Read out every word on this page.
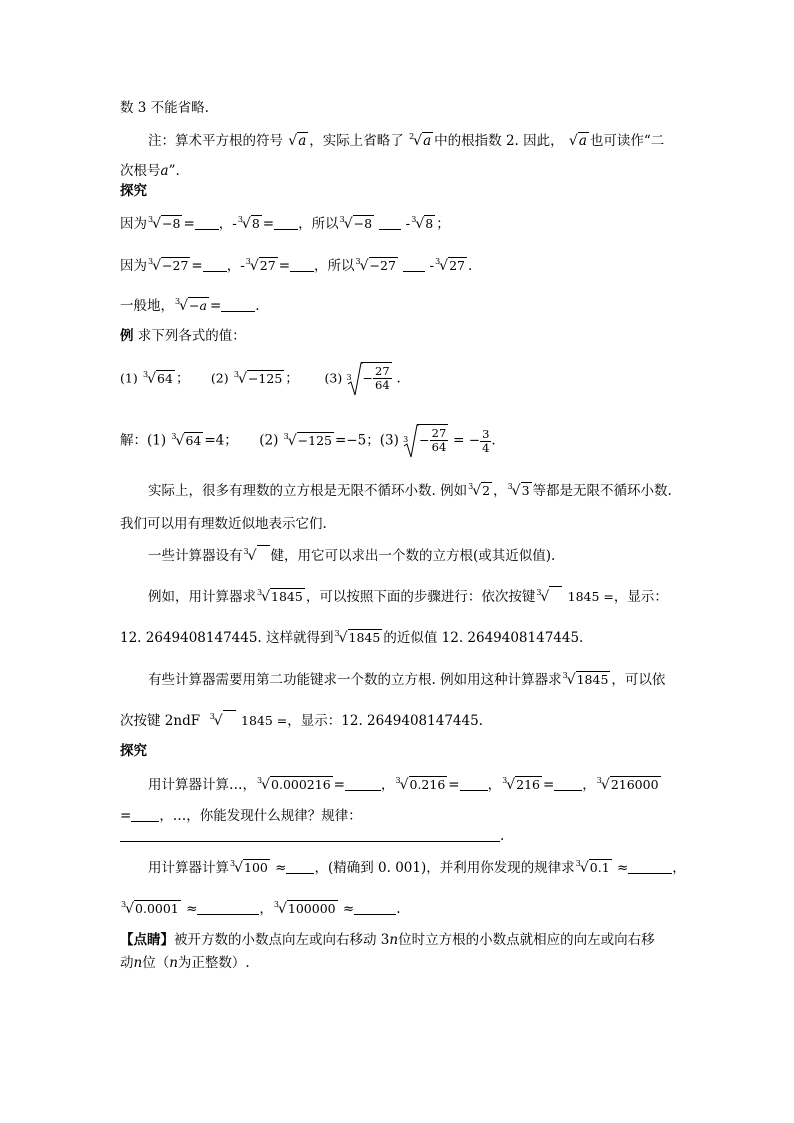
数 3 不能省略.
注：算术平方根的符号 √a ，实际上省略了 $^2$√a 中的根指数 2. 因此， √a 也可读作“二
次根号a”.
探究
因为$^3$√−8 = ，-$^3$√8 = ，所以$^3$√−8  -$^3$√8 ；
因为$^3$√−27 = ，-$^3$√27 = ，所以$^3$√−27  -$^3$√27 .
一般地，$^3$√−a =	.
例 求下列各式的值：
(1) $^3$√64 ； (2) $^3$√−125 ； (3) $3 - \frac{27}{64}$ .
解：(1) $^3$√64 =4； (2) $^3$√−125 =−5；(3) $3 - \frac{27}{64}$ = − $\frac{3}{4}$ .
实际上，很多有理数的立方根是无限不循环小数. 例如$^3$√2 ，$^3$√3 等都是无限不循环小数.
我们可以用有理数近似地表示它们.
一些计算器设有$^3$√ 健，用它可以求出一个数的立方根(或其近似值).
例如，用计算器求$^3$√1845 ，可以按照下面的步骤进行：依次按键$^3$√ 1845 =，显示：
12. 2649408147445. 这样就得到$^3$√1845 的近似值 12. 2649408147445.
有些计算器需要用第二功能键求一个数的立方根. 例如用这种计算器求$^3$√1845 ，可以依
次按键 2ndF $^3$√ 1845 =，显示：12. 2649408147445.
探究
用计算器计算…，$^3$√0.000216 =	，$^3$√0.216 = ，$^3$√216 = ，$^3$√216000
= ，…，你能发现什么规律？规律：
.
用计算器计算$^3$√100 ≈ ，(精确到 0. 001)，并利用你发现的规律求$^3$√0.1 ≈	，
$^3$√0.0001 ≈	，$^3$√100000 ≈	.
【点睛】被开方数的小数点向左或向右移动 3n位时立方根的小数点就相应的向左或向右移
动n位（n为正整数）.
